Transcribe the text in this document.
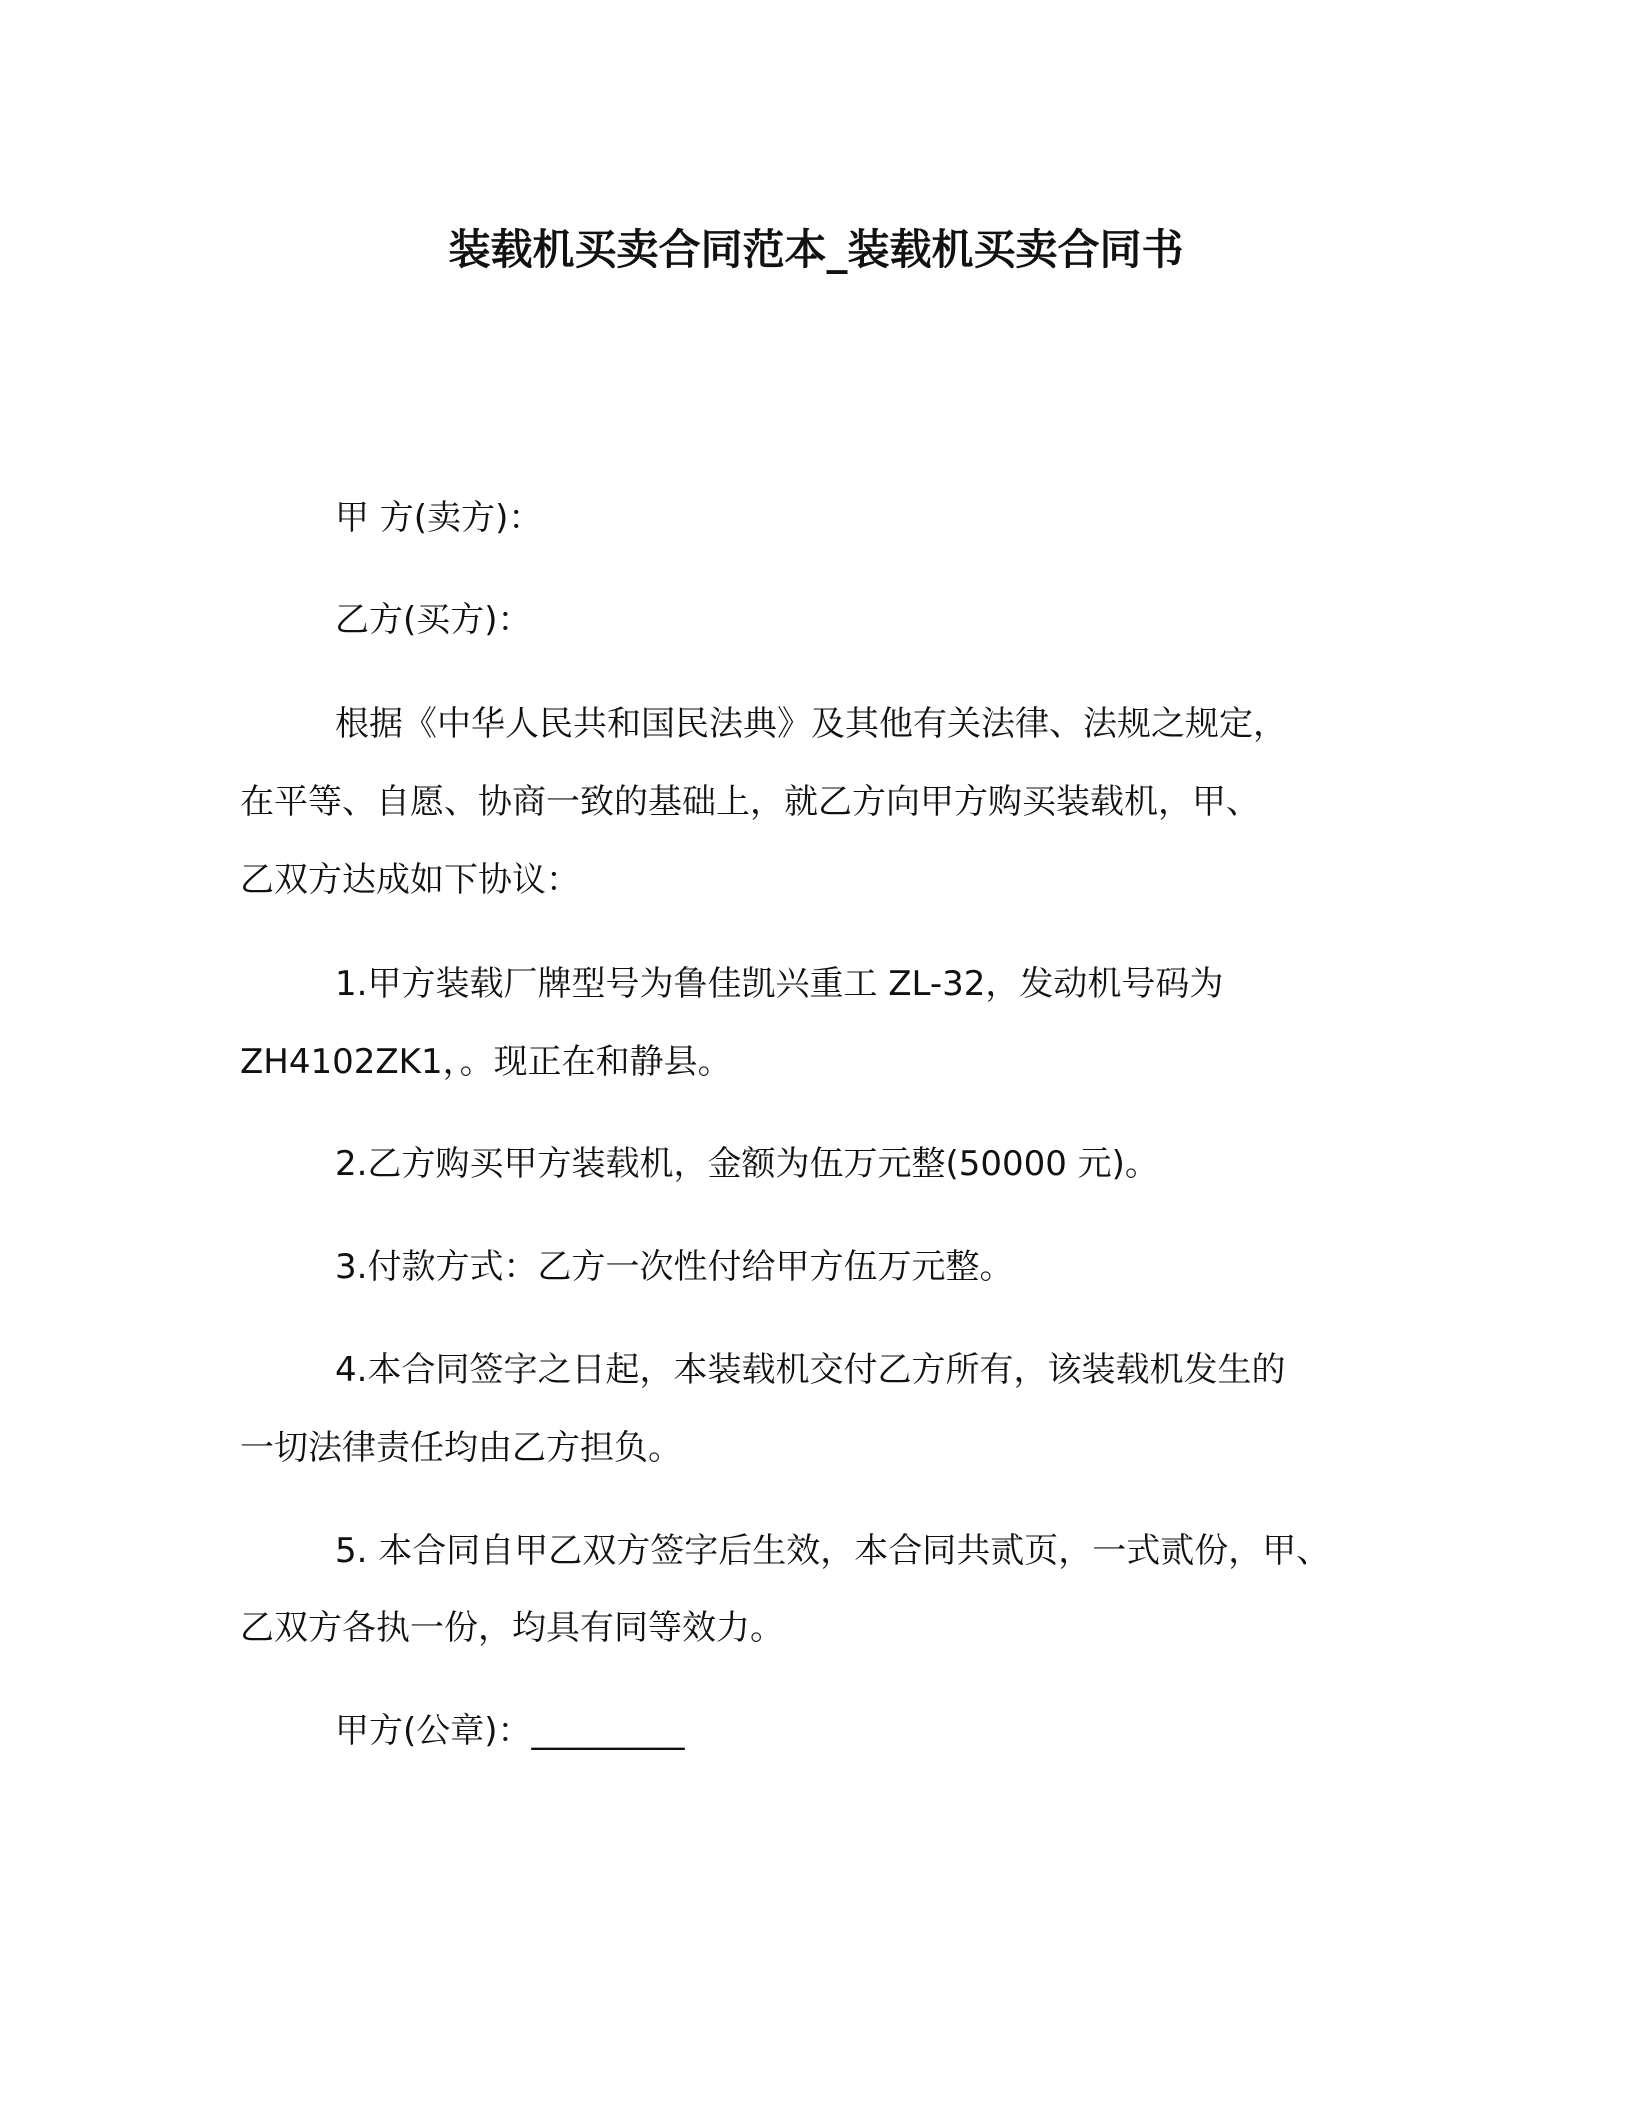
装载机买卖合同范本_装载机买卖合同书
甲 方(卖方)：
乙方(买方)：
根据《中华人民共和国民法典》及其他有关法律、法规之规定，
在平等、自愿、协商一致的基础上，就乙方向甲方购买装载机，甲、
乙双方达成如下协议：
1.甲方装载厂牌型号为鲁佳凯兴重工 ZL-32，发动机号码为
ZH4102ZK1，。现正在和静县。
2.乙方购买甲方装载机，金额为伍万元整(50000 元)。
3.付款方式：乙方一次性付给甲方伍万元整。
4.本合同签字之日起，本装载机交付乙方所有，该装载机发生的
一切法律责任均由乙方担负。
5. 本合同自甲乙双方签字后生效，本合同共贰页，一式贰份，甲、
乙双方各执一份，均具有同等效力。
甲方(公章)：_________
